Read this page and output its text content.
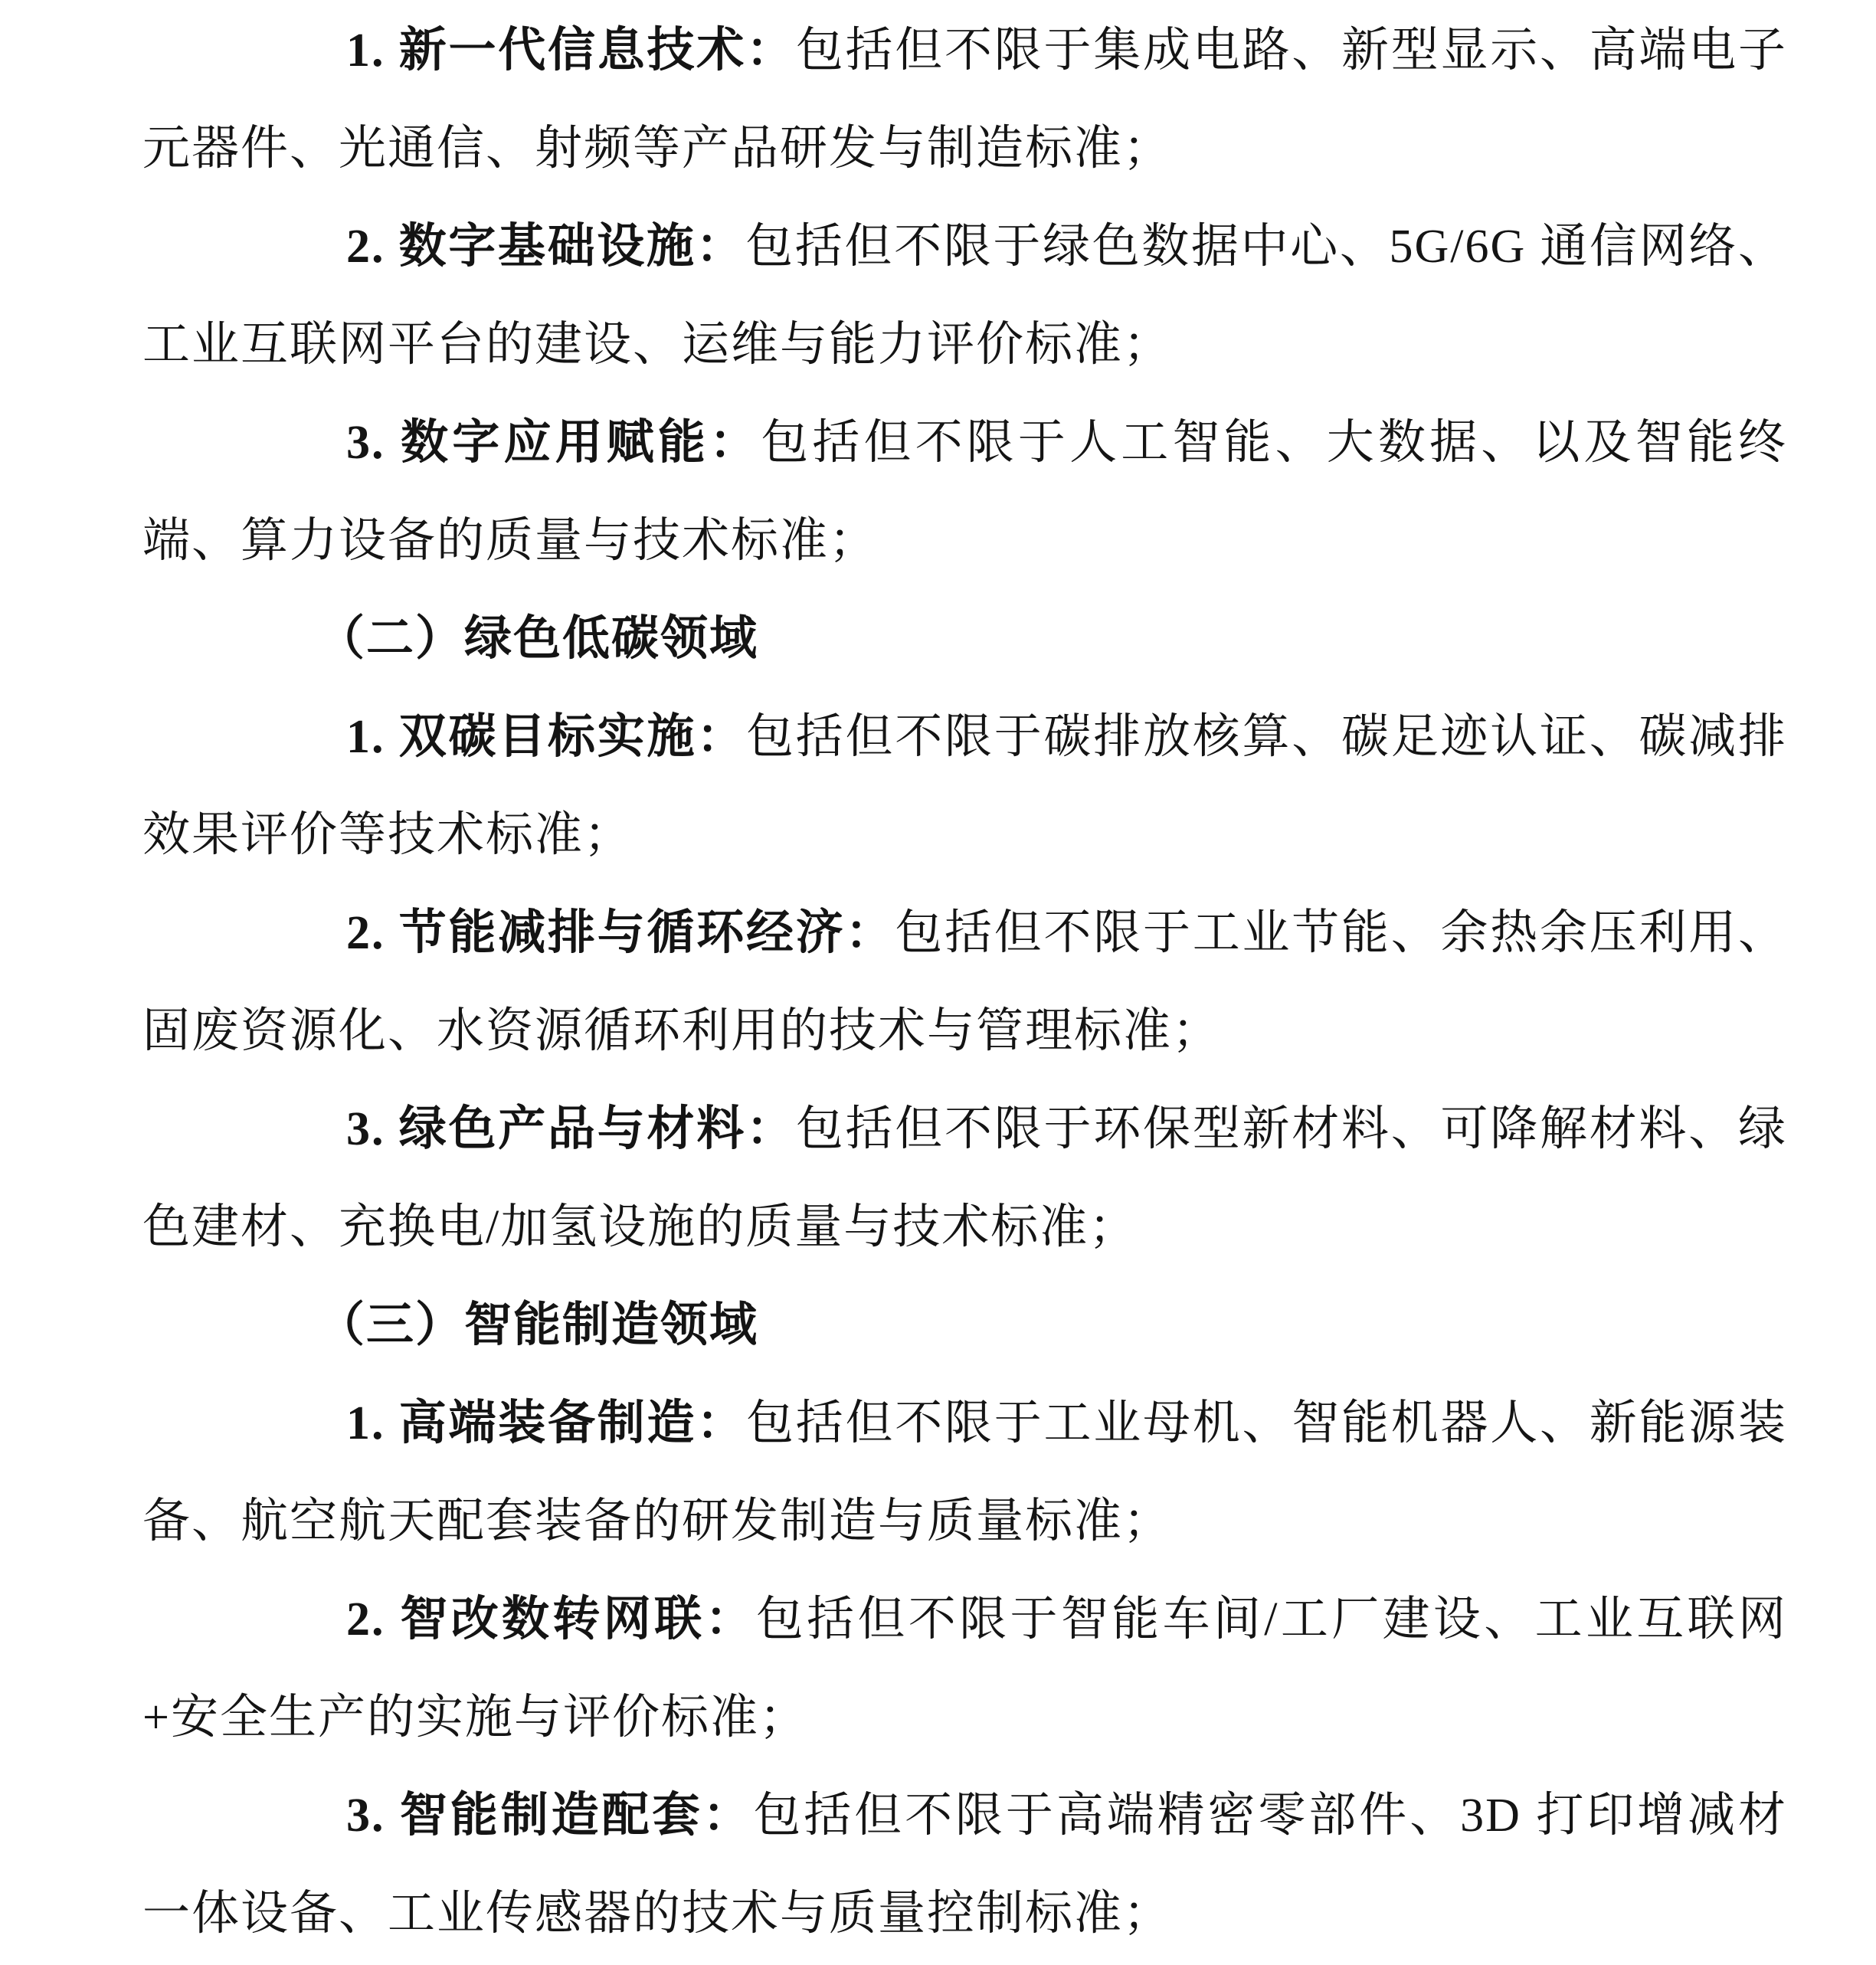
1. 新一代信息技术：包括但不限于集成电路、新型显示、高端电子元器件、光通信、射频等产品研发与制造标准；

2. 数字基础设施：包括但不限于绿色数据中心、5G/6G 通信网络、工业互联网平台的建设、运维与能力评价标准；

3. 数字应用赋能：包括但不限于人工智能、大数据、以及智能终端、算力设备的质量与技术标准；

（二）绿色低碳领域

1. 双碳目标实施：包括但不限于碳排放核算、碳足迹认证、碳减排效果评价等技术标准；

2. 节能减排与循环经济：包括但不限于工业节能、余热余压利用、固废资源化、水资源循环利用的技术与管理标准；

3. 绿色产品与材料：包括但不限于环保型新材料、可降解材料、绿色建材、充换电/加氢设施的质量与技术标准；

（三）智能制造领域

1. 高端装备制造：包括但不限于工业母机、智能机器人、新能源装备、航空航天配套装备的研发制造与质量标准；

2. 智改数转网联：包括但不限于智能车间/工厂建设、工业互联网+安全生产的实施与评价标准；

3. 智能制造配套：包括但不限于高端精密零部件、3D 打印增减材一体设备、工业传感器的技术与质量控制标准；
